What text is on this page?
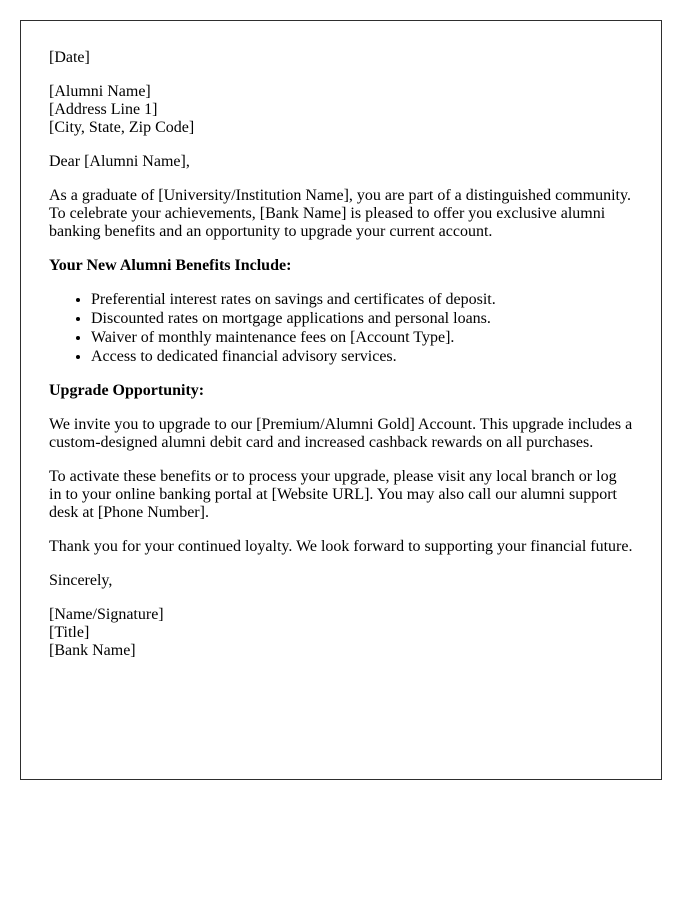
[Date]

[Alumni Name]
[Address Line 1]
[City, State, Zip Code]

Dear [Alumni Name],

As a graduate of [University/Institution Name], you are part of a distinguished community. To celebrate your achievements, [Bank Name] is pleased to offer you exclusive alumni banking benefits and an opportunity to upgrade your current account.

Your New Alumni Benefits Include:

• Preferential interest rates on savings and certificates of deposit.
• Discounted rates on mortgage applications and personal loans.
• Waiver of monthly maintenance fees on [Account Type].
• Access to dedicated financial advisory services.

Upgrade Opportunity:

We invite you to upgrade to our [Premium/Alumni Gold] Account. This upgrade includes a custom-designed alumni debit card and increased cashback rewards on all purchases.

To activate these benefits or to process your upgrade, please visit any local branch or log in to your online banking portal at [Website URL]. You may also call our alumni support desk at [Phone Number].

Thank you for your continued loyalty. We look forward to supporting your financial future.

Sincerely,

[Name/Signature]
[Title]
[Bank Name]
